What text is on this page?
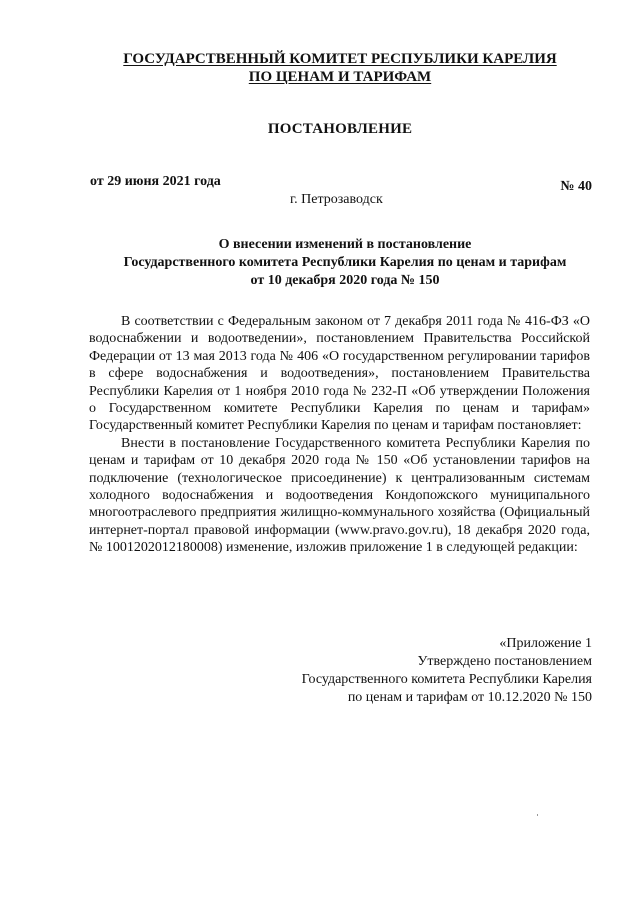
ГОСУДАРСТВЕННЫЙ КОМИТЕТ РЕСПУБЛИКИ КАРЕЛИЯ
ПО ЦЕНАМ И ТАРИФАМ
ПОСТАНОВЛЕНИЕ
от 29 июня 2021 года	№ 40
г. Петрозаводск
О внесении изменений в постановление
Государственного комитета Республики Карелия по ценам и тарифам
от 10 декабря 2020 года № 150

В соответствии с Федеральным законом от 7 декабря 2011 года № 416-ФЗ «О водоснабжении и водоотведении», постановлением Правительства Российской Федерации от 13 мая 2013 года № 406 «О государственном регулировании тарифов в сфере водоснабжения и водоотведения», постановлением Правительства Республики Карелия от 1 ноября 2010 года № 232-П «Об утверждении Положения о Государственном комитете Республики Карелия по ценам и тарифам» Государственный комитет Республики Карелия по ценам и тарифам постановляет:

Внести в постановление Государственного комитета Республики Карелия по ценам и тарифам от 10 декабря 2020 года № 150 «Об установлении тарифов на подключение (технологическое присоединение) к централизованным системам холодного водоснабжения и водоотведения Кондопожского муниципального многоотраслевого предприятия жилищно-коммунального хозяйства (Официальный интернет-портал правовой информации (www.pravo.gov.ru), 18 декабря 2020 года, № 1001202012180008) изменение, изложив приложение 1 в следующей редакции:

«Приложение 1
Утверждено постановлением
Государственного комитета Республики Карелия
по ценам и тарифам от 10.12.2020 № 150
